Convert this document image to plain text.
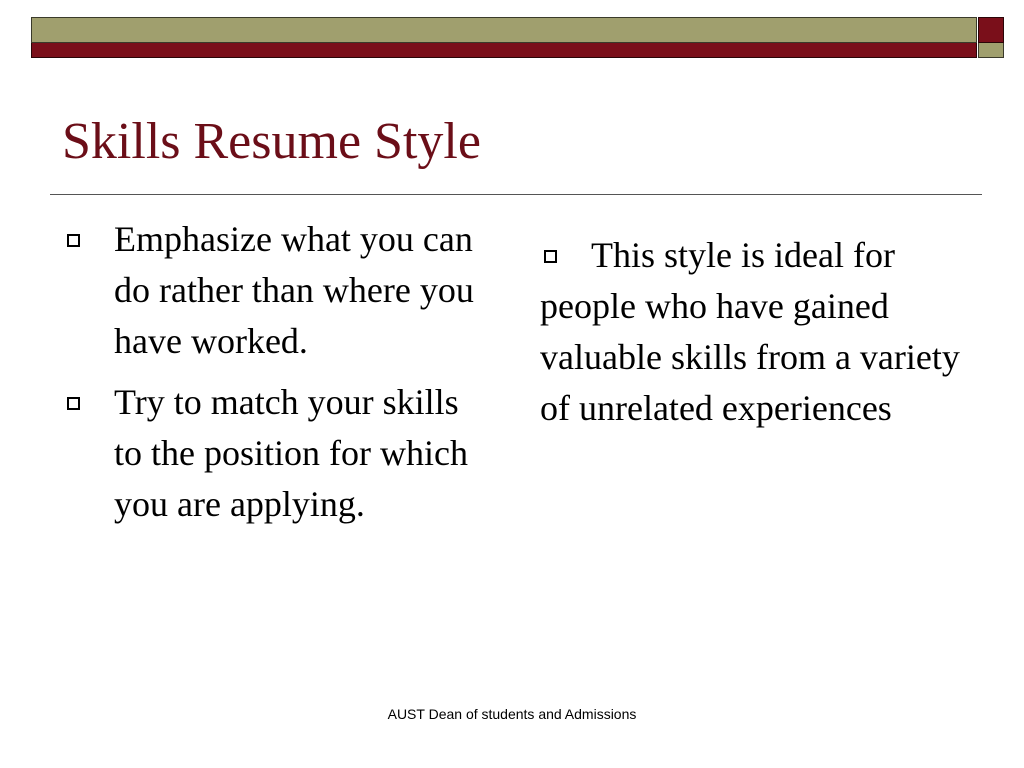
Skills Resume Style
Emphasize what you can do rather than where you have worked.
Try to match your skills to the position for which you are applying.
This style is ideal for people who have gained valuable skills from a variety of unrelated experiences
AUST Dean of students and Admissions
